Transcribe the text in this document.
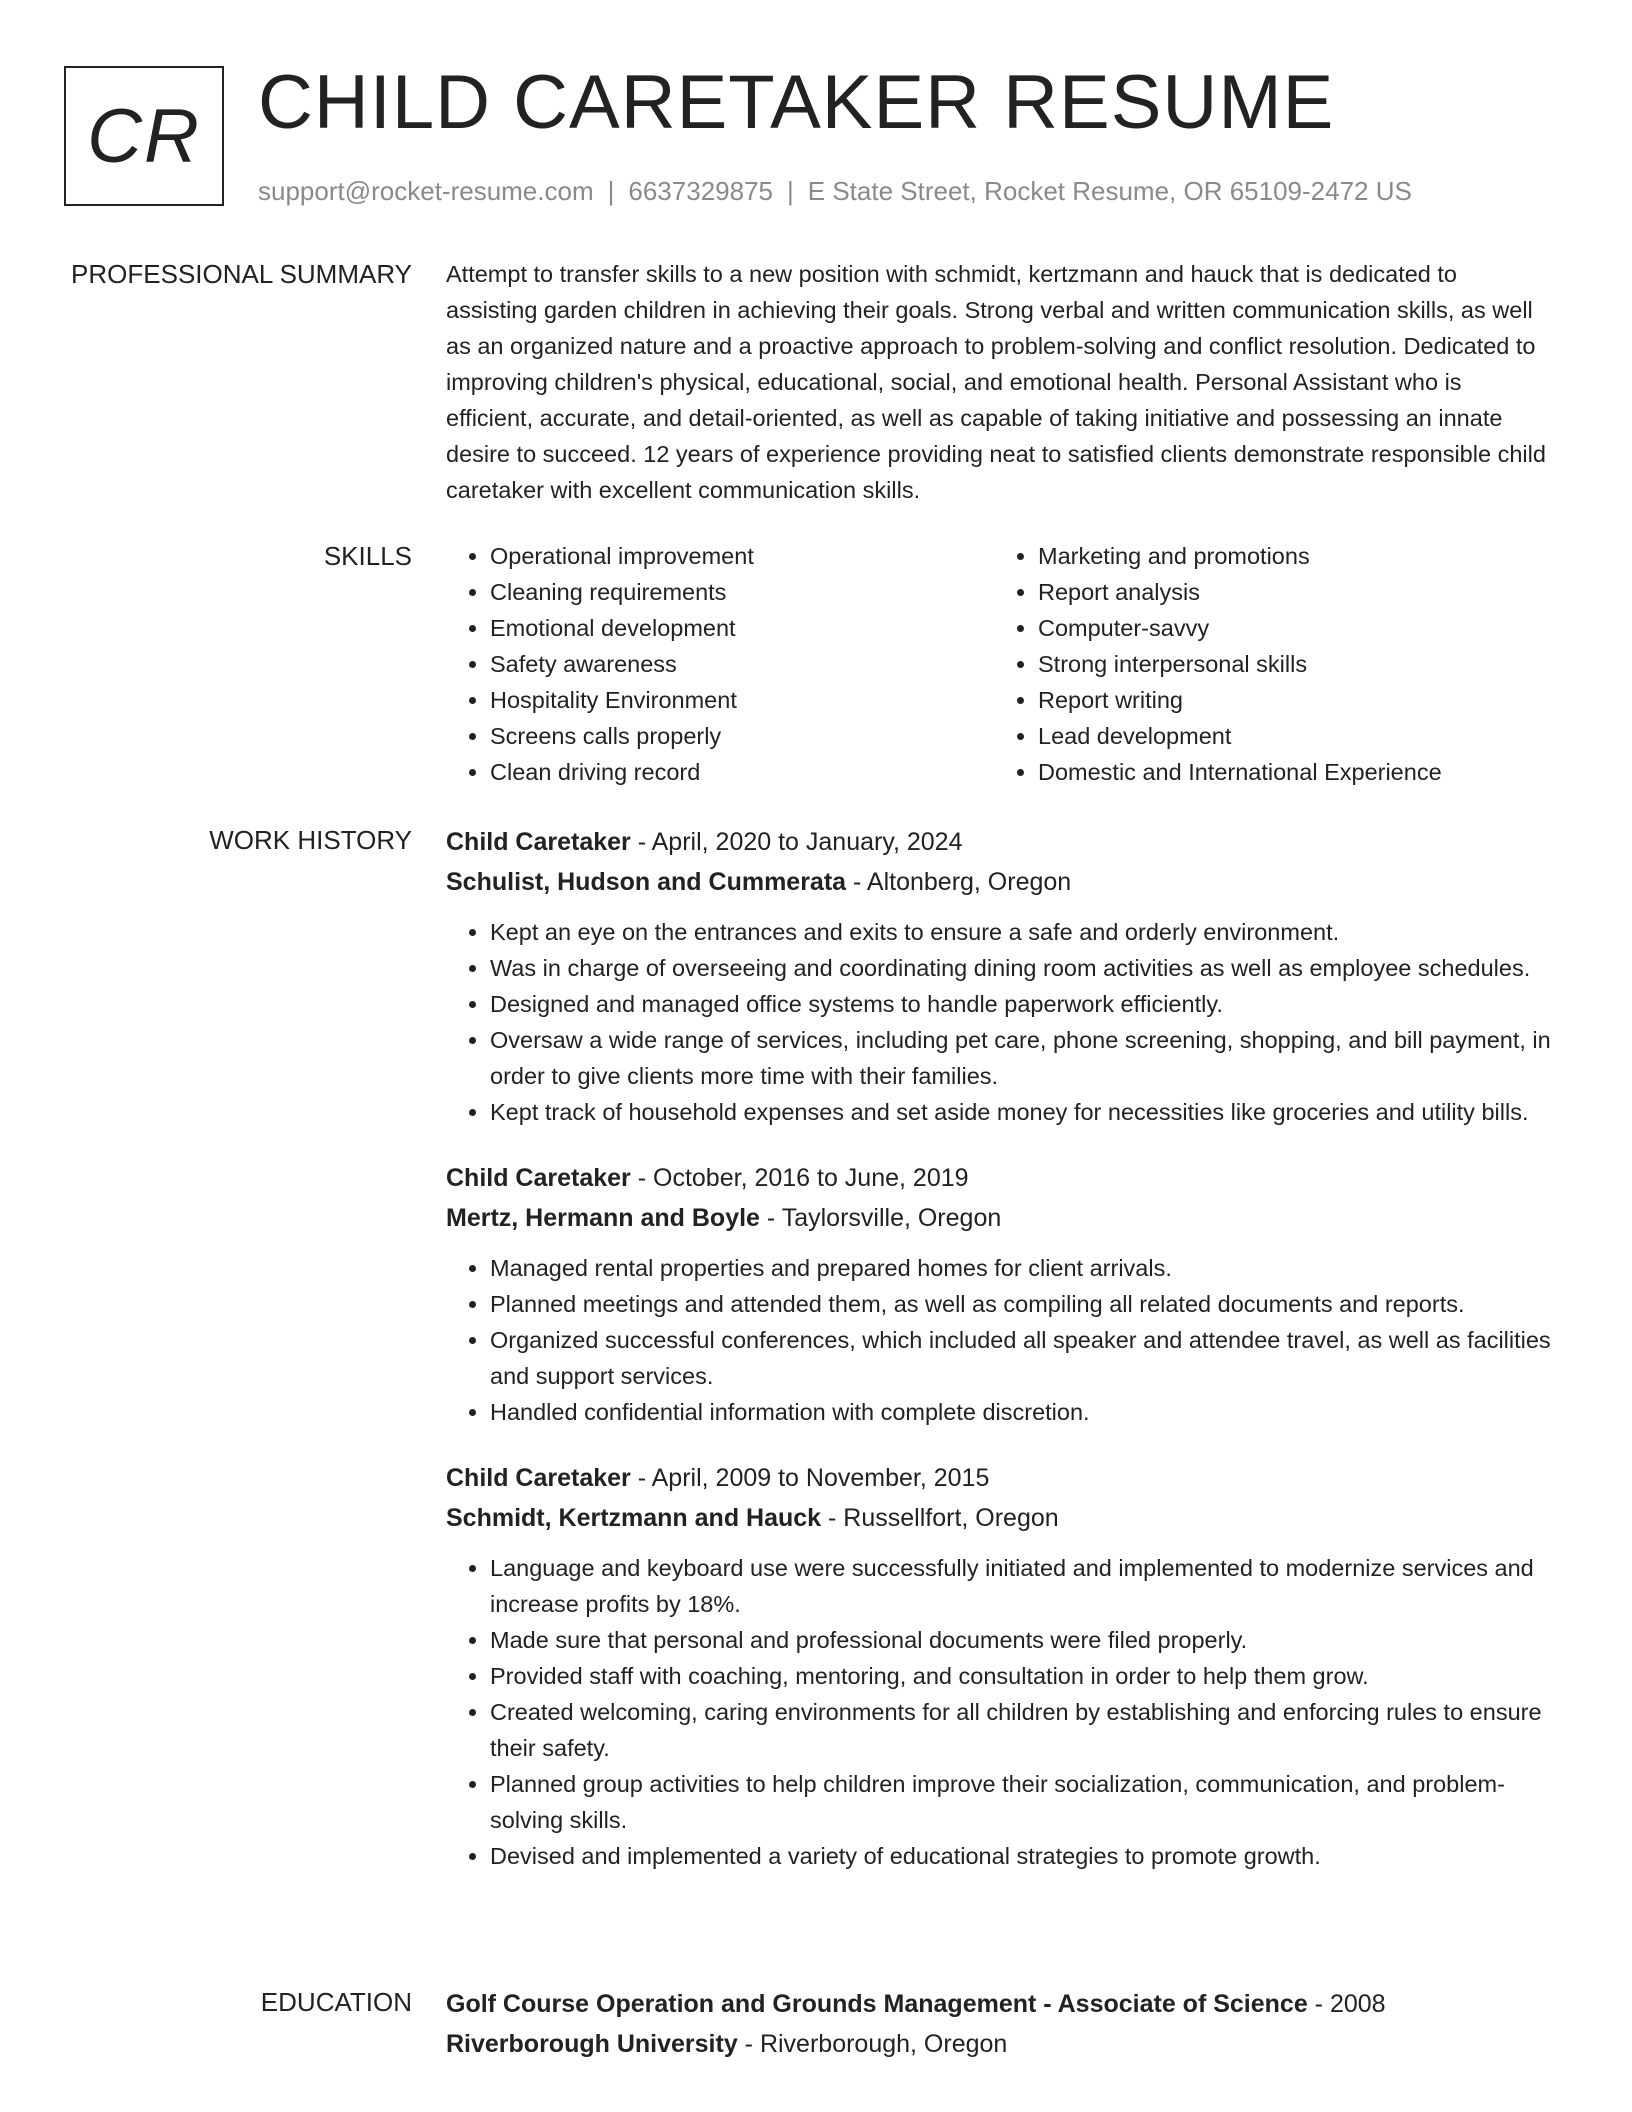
CR CHILD CARETAKER RESUME
support@rocket-resume.com | 6637329875 | E State Street, Rocket Resume, OR 65109-2472 US
PROFESSIONAL SUMMARY Attempt to transfer skills to a new position with schmidt, kertzmann and hauck that is dedicated to assisting garden children in achieving their goals. Strong verbal and written communication skills, as well as an organized nature and a proactive approach to problem-solving and conflict resolution. Dedicated to improving children's physical, educational, social, and emotional health. Personal Assistant who is efficient, accurate, and detail-oriented, as well as capable of taking initiative and possessing an innate desire to succeed. 12 years of experience providing neat to satisfied clients demonstrate responsible child caretaker with excellent communication skills.

SKILLS
•	Operational improvement
• Cleaning requirements
• Emotional development
• Safety awareness
• Hospitality Environment
• Screens calls properly
• Clean driving record
• Marketing and promotions
• Report analysis
• Computer-savvy
• Strong interpersonal skills
• Report writing
• Lead development
• Domestic and International Experience
WORK HISTORY Child Caretaker - April, 2020 to January, 2024
Schulist, Hudson and Cummerata - Altonberg, Oregon
• Kept an eye on the entrances and exits to ensure a safe and orderly environment.
• Was in charge of overseeing and coordinating dining room activities as well as employee schedules.
• Designed and managed office systems to handle paperwork efficiently.
• Oversaw a wide range of services, including pet care, phone screening, shopping, and bill payment, in order to give clients more time with their families.
• Kept track of household expenses and set aside money for necessities like groceries and utility bills.
Child Caretaker - October, 2016 to June, 2019
Mertz, Hermann and Boyle - Taylorsville, Oregon
• Managed rental properties and prepared homes for client arrivals.
• Planned meetings and attended them, as well as compiling all related documents and reports.
• Organized successful conferences, which included all speaker and attendee travel, as well as facilities and support services.
• Handled confidential information with complete discretion.
Child Caretaker - April, 2009 to November, 2015
Schmidt, Kertzmann and Hauck - Russellfort, Oregon
• Language and keyboard use were successfully initiated and implemented to modernize services and increase profits by 18%.
• Made sure that personal and professional documents were filed properly.
• Provided staff with coaching, mentoring, and consultation in order to help them grow.
• Created welcoming, caring environments for all children by establishing and enforcing rules to ensure their safety.
• Planned group activities to help children improve their socialization, communication, and problem-solving skills.
• Devised and implemented a variety of educational strategies to promote growth.
EDUCATION Golf Course Operation and Grounds Management - Associate of Science - 2008
Riverborough University - Riverborough, Oregon
